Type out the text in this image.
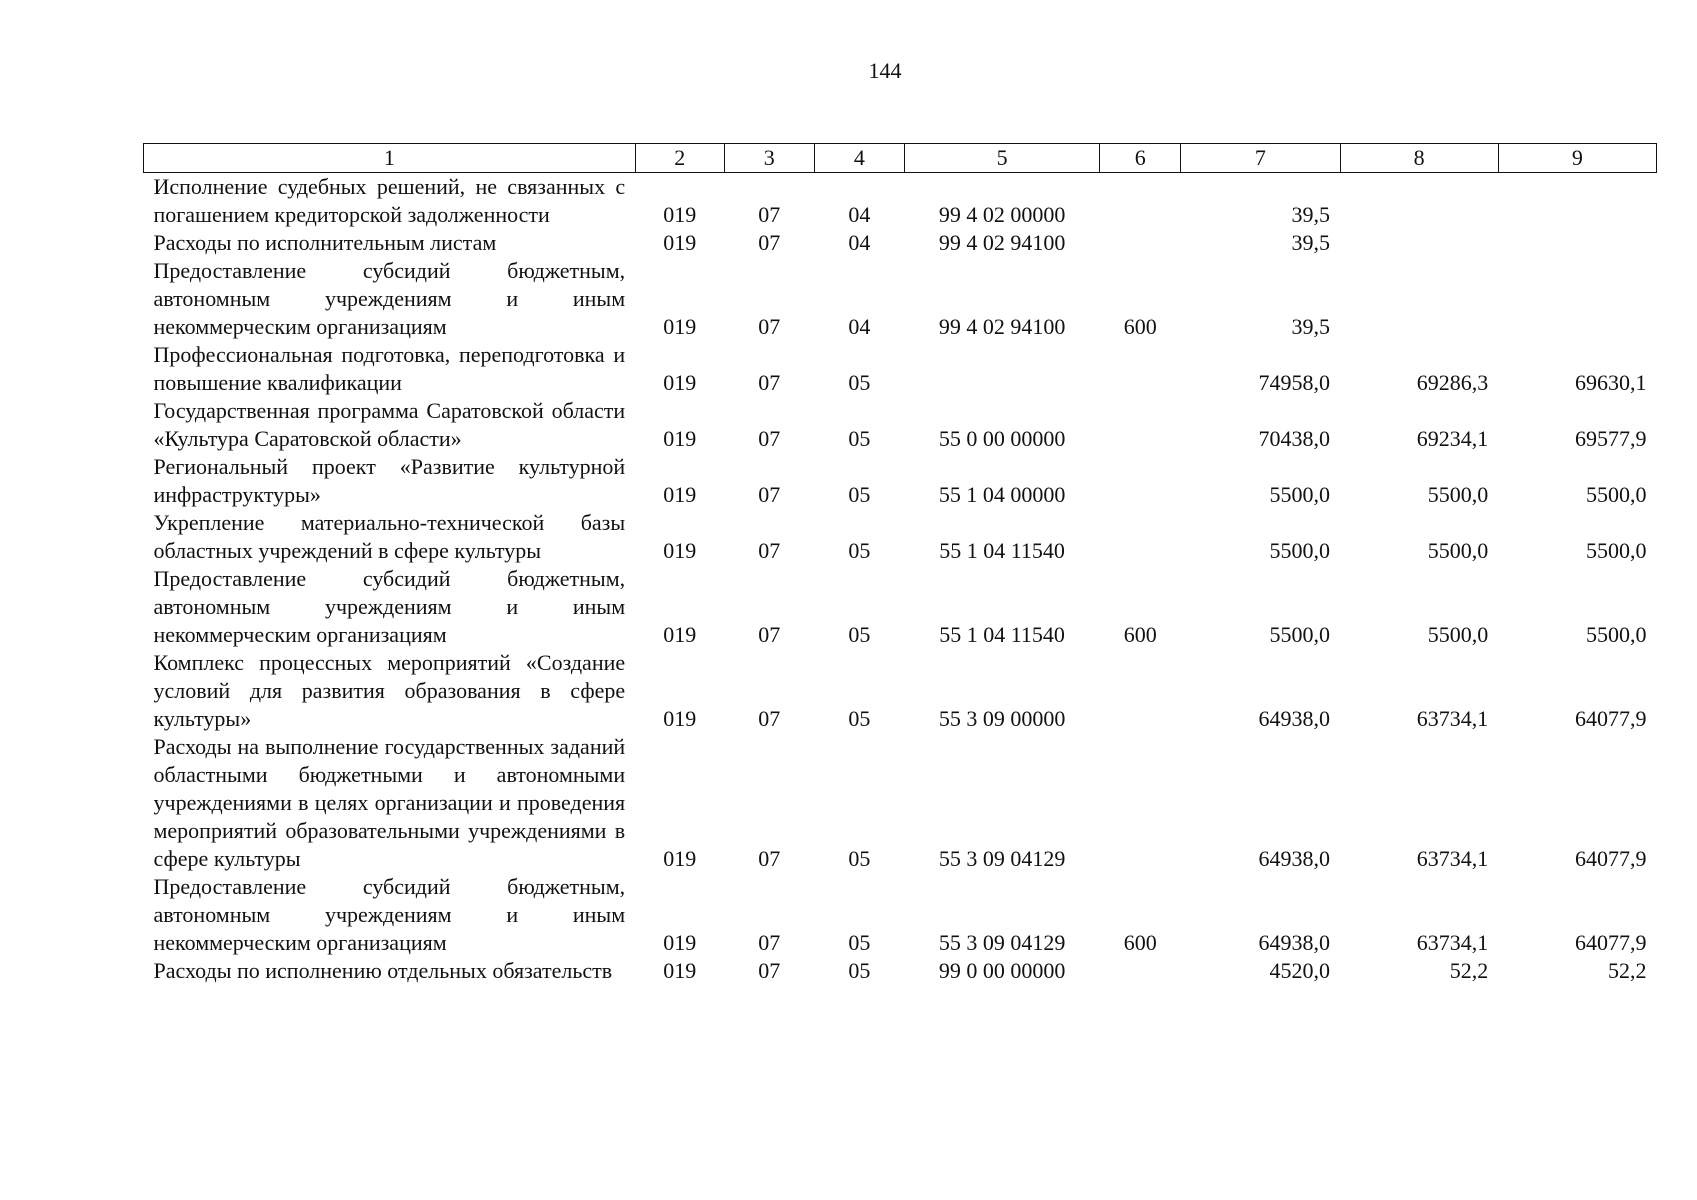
144
1	2	3	4	5	6	7	8	9
Исполнение судебных решений, не связанных с погашением кредиторской задолженности	019	07	04	99 4 02 00000		39,5		
Расходы по исполнительным листам	019	07	04	99 4 02 94100		39,5		
Предоставление субсидий бюджетным, автономным учреждениям и иным некоммерческим организациям	019	07	04	99 4 02 94100	600	39,5		
Профессиональная подготовка, переподготовка и повышение квалификации	019	07	05			74958,0	69286,3	69630,1
Государственная программа Саратовской области «Культура Саратовской области»	019	07	05	55 0 00 00000		70438,0	69234,1	69577,9
Региональный проект «Развитие культурной инфраструктуры»	019	07	05	55 1 04 00000		5500,0	5500,0	5500,0
Укрепление материально-технической базы областных учреждений в сфере культуры	019	07	05	55 1 04 11540		5500,0	5500,0	5500,0
Предоставление субсидий бюджетным, автономным учреждениям и иным некоммерческим организациям	019	07	05	55 1 04 11540	600	5500,0	5500,0	5500,0
Комплекс процессных мероприятий «Создание условий для развития образования в сфере культуры»	019	07	05	55 3 09 00000		64938,0	63734,1	64077,9
Расходы на выполнение государственных заданий областными бюджетными и автономными учреждениями в целях организации и проведения мероприятий образовательными учреждениями в сфере культуры	019	07	05	55 3 09 04129		64938,0	63734,1	64077,9
Предоставление субсидий бюджетным, автономным учреждениям и иным некоммерческим организациям	019	07	05	55 3 09 04129	600	64938,0	63734,1	64077,9
Расходы по исполнению отдельных обязательств	019	07	05	99 0 00 00000		4520,0	52,2	52,2
